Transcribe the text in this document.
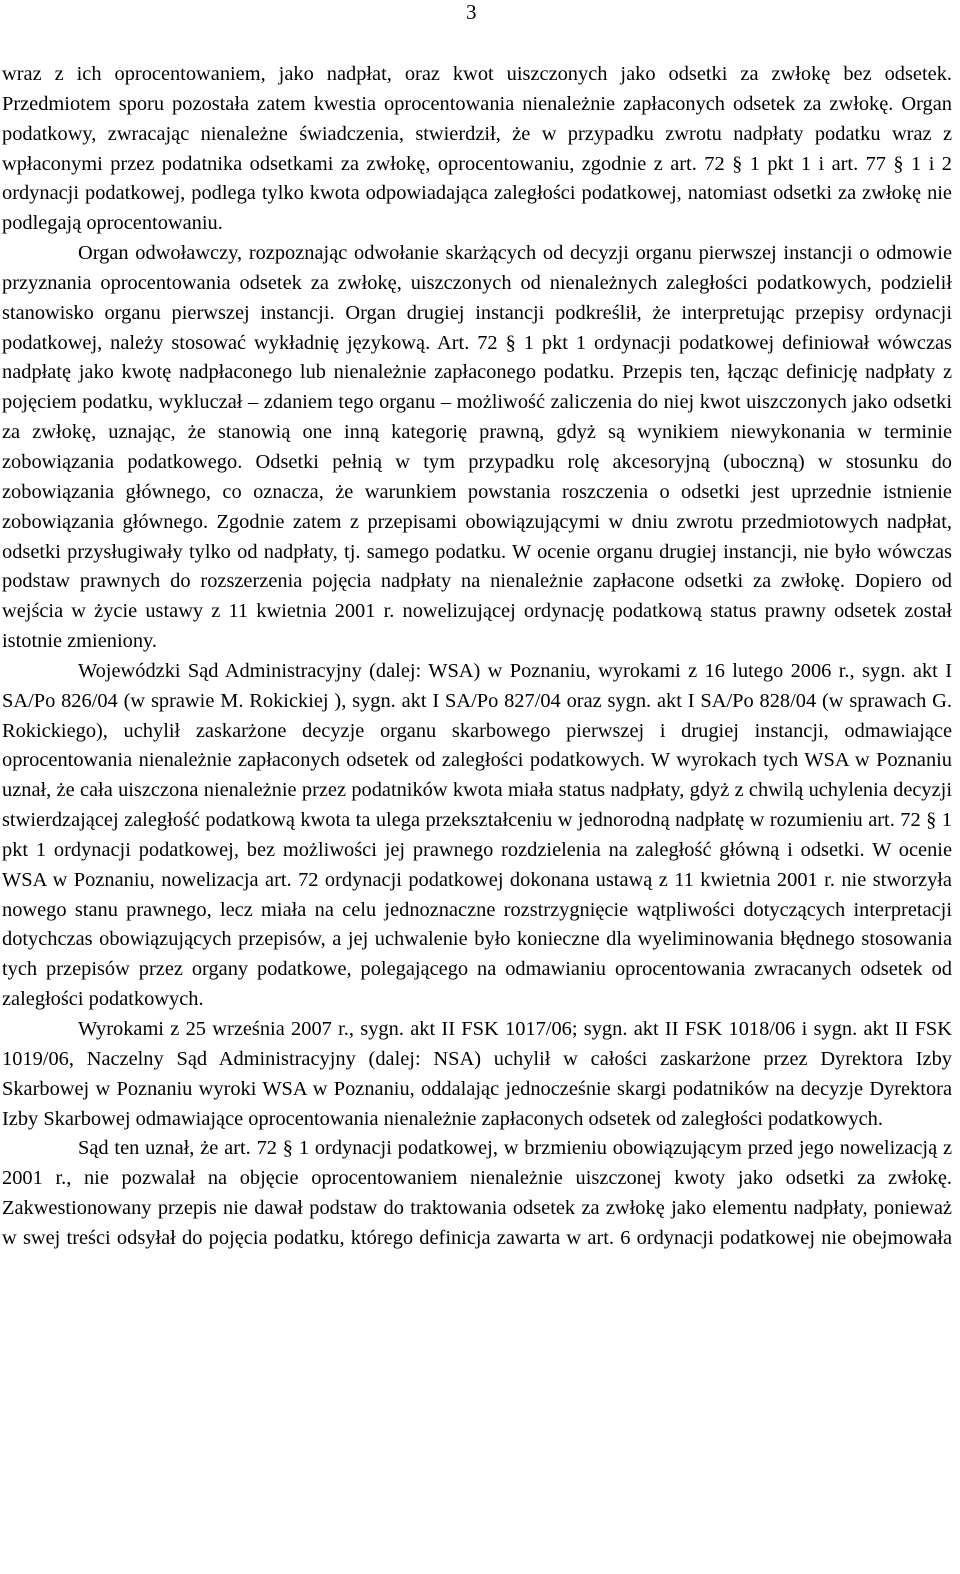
3

wraz z ich oprocentowaniem, jako nadpłat, oraz kwot uiszczonych jako odsetki za zwłokę bez odsetek. Przedmiotem sporu pozostała zatem kwestia oprocentowania nienależnie zapłaconych odsetek za zwłokę. Organ podatkowy, zwracając nienależne świadczenia, stwierdził, że w przypadku zwrotu nadpłaty podatku wraz z wpłaconymi przez podatnika odsetkami za zwłokę, oprocentowaniu, zgodnie z art. 72 § 1 pkt 1 i art. 77 § 1 i 2 ordynacji podatkowej, podlega tylko kwota odpowiadająca zaległości podatkowej, natomiast odsetki za zwłokę nie podlegają oprocentowaniu.

Organ odwoławczy, rozpoznając odwołanie skarżących od decyzji organu pierwszej instancji o odmowie przyznania oprocentowania odsetek za zwłokę, uiszczonych od nienależnych zaległości podatkowych, podzielił stanowisko organu pierwszej instancji. Organ drugiej instancji podkreślił, że interpretując przepisy ordynacji podatkowej, należy stosować wykładnię językową. Art. 72 § 1 pkt 1 ordynacji podatkowej definiował wówczas nadpłatę jako kwotę nadpłaconego lub nienależnie zapłaconego podatku. Przepis ten, łącząc definicję nadpłaty z pojęciem podatku, wykluczał – zdaniem tego organu – możliwość zaliczenia do niej kwot uiszczonych jako odsetki za zwłokę, uznając, że stanowią one inną kategorię prawną, gdyż są wynikiem niewykonania w terminie zobowiązania podatkowego. Odsetki pełnią w tym przypadku rolę akcesoryjną (uboczną) w stosunku do zobowiązania głównego, co oznacza, że warunkiem powstania roszczenia o odsetki jest uprzednie istnienie zobowiązania głównego. Zgodnie zatem z przepisami obowiązującymi w dniu zwrotu przedmiotowych nadpłat, odsetki przysługiwały tylko od nadpłaty, tj. samego podatku. W ocenie organu drugiej instancji, nie było wówczas podstaw prawnych do rozszerzenia pojęcia nadpłaty na nienależnie zapłacone odsetki za zwłokę. Dopiero od wejścia w życie ustawy z 11 kwietnia 2001 r. nowelizującej ordynację podatkową status prawny odsetek został istotnie zmieniony.

Wojewódzki Sąd Administracyjny (dalej: WSA) w Poznaniu, wyrokami z 16 lutego 2006 r., sygn. akt I SA/Po 826/04 (w sprawie M. Rokickiej ), sygn. akt I SA/Po 827/04 oraz sygn. akt I SA/Po 828/04 (w sprawach G. Rokickiego), uchylił zaskarżone decyzje organu skarbowego pierwszej i drugiej instancji, odmawiające oprocentowania nienależnie zapłaconych odsetek od zaległości podatkowych. W wyrokach tych WSA w Poznaniu uznał, że cała uiszczona nienależnie przez podatników kwota miała status nadpłaty, gdyż z chwilą uchylenia decyzji stwierdzającej zaległość podatkową kwota ta ulega przekształceniu w jednorodną nadpłatę w rozumieniu art. 72 § 1 pkt 1 ordynacji podatkowej, bez możliwości jej prawnego rozdzielenia na zaległość główną i odsetki. W ocenie WSA w Poznaniu, nowelizacja art. 72 ordynacji podatkowej dokonana ustawą z 11 kwietnia 2001 r. nie stworzyła nowego stanu prawnego, lecz miała na celu jednoznaczne rozstrzygnięcie wątpliwości dotyczących interpretacji dotychczas obowiązujących przepisów, a jej uchwalenie było konieczne dla wyeliminowania błędnego stosowania tych przepisów przez organy podatkowe, polegającego na odmawianiu oprocentowania zwracanych odsetek od zaległości podatkowych.

Wyrokami z 25 września 2007 r., sygn. akt II FSK 1017/06; sygn. akt II FSK 1018/06 i sygn. akt II FSK 1019/06, Naczelny Sąd Administracyjny (dalej: NSA) uchylił w całości zaskarżone przez Dyrektora Izby Skarbowej w Poznaniu wyroki WSA w Poznaniu, oddalając jednocześnie skargi podatników na decyzje Dyrektora Izby Skarbowej odmawiające oprocentowania nienależnie zapłaconych odsetek od zaległości podatkowych.

Sąd ten uznał, że art. 72 § 1 ordynacji podatkowej, w brzmieniu obowiązującym przed jego nowelizacją z 2001 r., nie pozwalał na objęcie oprocentowaniem nienależnie uiszczonej kwoty jako odsetki za zwłokę. Zakwestionowany przepis nie dawał podstaw do traktowania odsetek za zwłokę jako elementu nadpłaty, ponieważ w swej treści odsyłał do pojęcia podatku, którego definicja zawarta w art. 6 ordynacji podatkowej nie obejmowała
